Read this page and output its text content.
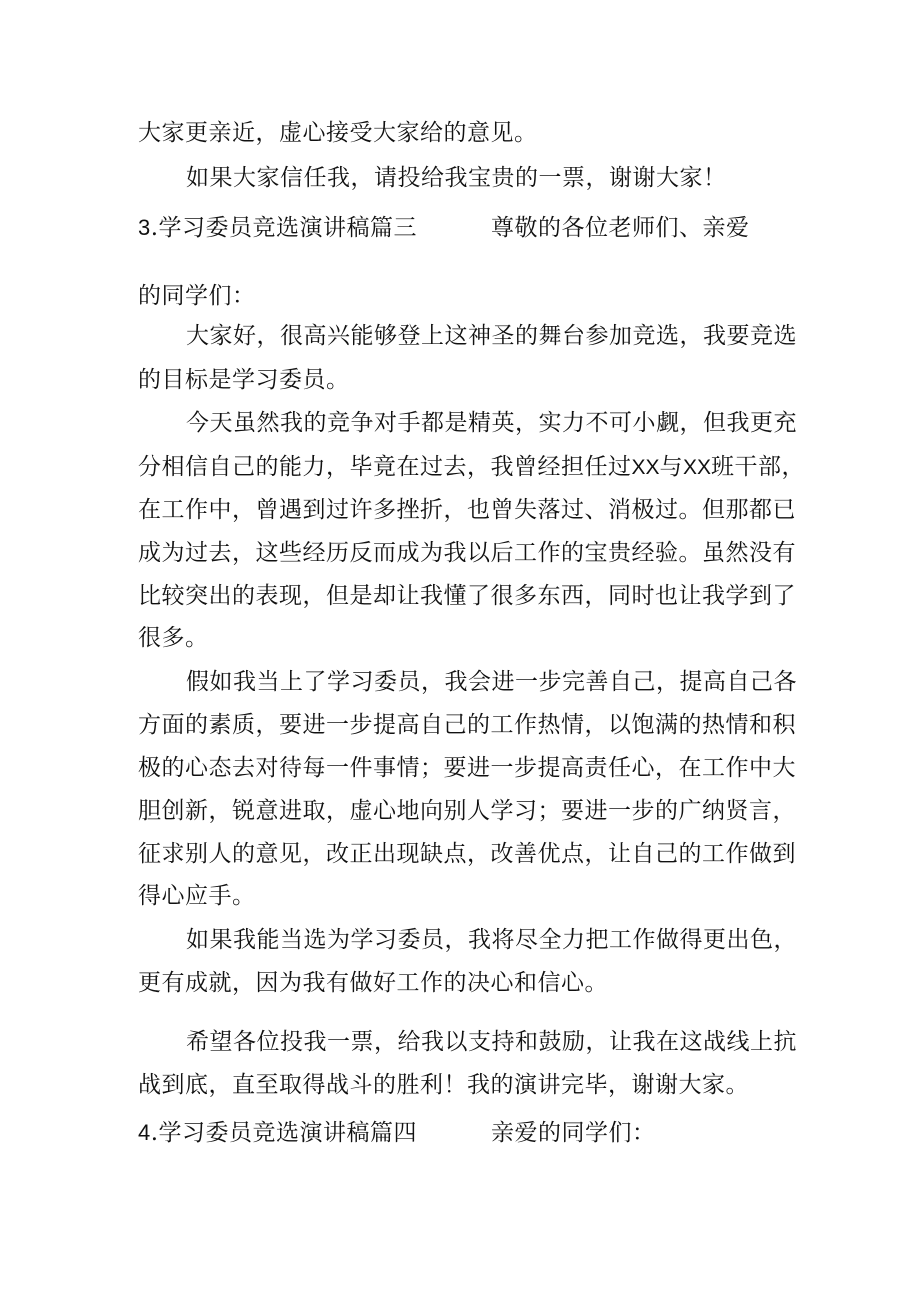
大家更亲近，虚心接受大家给的意见。

如果大家信任我，请投给我宝贵的一票，谢谢大家！

3.学习委员竞选演讲稿篇三	尊敬的各位老师们、亲爱

的同学们：

大家好，很高兴能够登上这神圣的舞台参加竞选，我要竞选

的目标是学习委员。

今天虽然我的竞争对手都是精英，实力不可小觑，但我更充

分相信自己的能力，毕竟在过去，我曾经担任过XX与XX班干部，

在工作中，曾遇到过许多挫折，也曾失落过、消极过。但那都已

成为过去，这些经历反而成为我以后工作的宝贵经验。虽然没有

比较突出的表现，但是却让我懂了很多东西，同时也让我学到了

很多。

假如我当上了学习委员，我会进一步完善自己，提高自己各

方面的素质，要进一步提高自己的工作热情，以饱满的热情和积

极的心态去对待每一件事情；要进一步提高责任心，在工作中大

胆创新，锐意进取，虚心地向别人学习；要进一步的广纳贤言，

征求别人的意见，改正出现缺点，改善优点，让自己的工作做到

得心应手。

如果我能当选为学习委员，我将尽全力把工作做得更出色，

更有成就，因为我有做好工作的决心和信心。

希望各位投我一票，给我以支持和鼓励，让我在这战线上抗

战到底，直至取得战斗的胜利！我的演讲完毕，谢谢大家。

4.学习委员竞选演讲稿篇四	亲爱的同学们：
